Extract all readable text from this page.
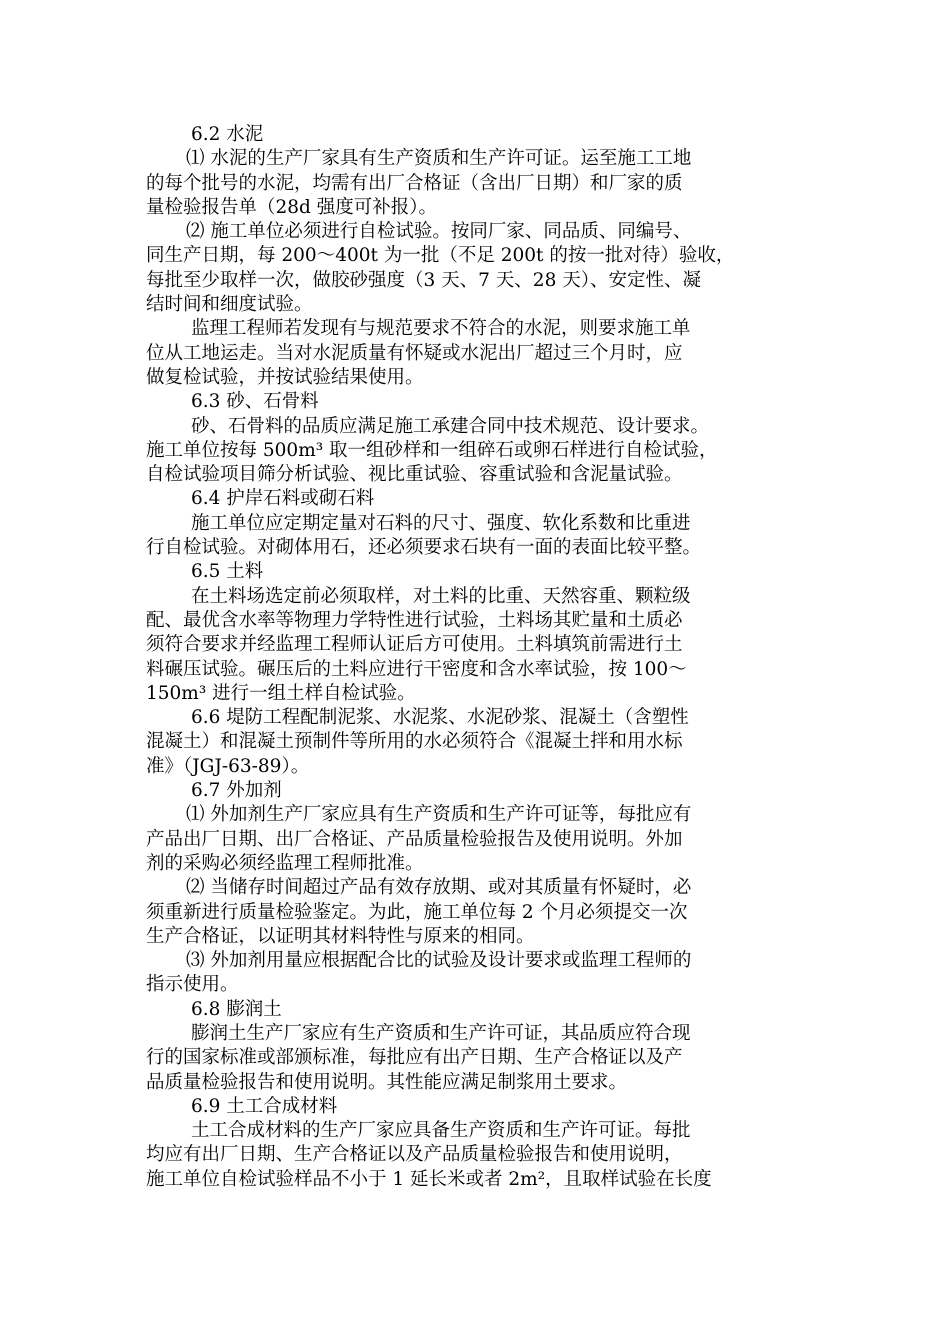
6.2 水泥
⑴ 水泥的生产厂家具有生产资质和生产许可证。运至施工工地
的每个批号的水泥，均需有出厂合格证（含出厂日期）和厂家的质
量检验报告单（28d 强度可补报）。
⑵ 施工单位必须进行自检试验。按同厂家、同品质、同编号、
同生产日期，每 200～400t 为一批（不足 200t 的按一批对待）验收，
每批至少取样一次，做胶砂强度（3 天、7 天、28 天）、安定性、凝
结时间和细度试验。
监理工程师若发现有与规范要求不符合的水泥，则要求施工单
位从工地运走。当对水泥质量有怀疑或水泥出厂超过三个月时，应
做复检试验，并按试验结果使用。
6.3 砂、石骨料
砂、石骨料的品质应满足施工承建合同中技术规范、设计要求。
施工单位按每 500m³ 取一组砂样和一组碎石或卵石样进行自检试验，
自检试验项目筛分析试验、视比重试验、容重试验和含泥量试验。
6.4 护岸石料或砌石料
施工单位应定期定量对石料的尺寸、强度、软化系数和比重进
行自检试验。对砌体用石，还必须要求石块有一面的表面比较平整。
6.5 土料
在土料场选定前必须取样，对土料的比重、天然容重、颗粒级
配、最优含水率等物理力学特性进行试验，土料场其贮量和土质必
须符合要求并经监理工程师认证后方可使用。土料填筑前需进行土
料碾压试验。碾压后的土料应进行干密度和含水率试验，按 100～
150m³ 进行一组土样自检试验。
6.6 堤防工程配制泥浆、水泥浆、水泥砂浆、混凝土（含塑性
混凝土）和混凝土预制件等所用的水必须符合《混凝土拌和用水标
准》（JGJ-63-89）。
6.7 外加剂
⑴ 外加剂生产厂家应具有生产资质和生产许可证等，每批应有
产品出厂日期、出厂合格证、产品质量检验报告及使用说明。外加
剂的采购必须经监理工程师批准。
⑵ 当储存时间超过产品有效存放期、或对其质量有怀疑时，必
须重新进行质量检验鉴定。为此，施工单位每 2 个月必须提交一次
生产合格证，以证明其材料特性与原来的相同。
⑶ 外加剂用量应根据配合比的试验及设计要求或监理工程师的
指示使用。
6.8 膨润土
膨润土生产厂家应有生产资质和生产许可证，其品质应符合现
行的国家标准或部颁标准，每批应有出产日期、生产合格证以及产
品质量检验报告和使用说明。其性能应满足制浆用土要求。
6.9 土工合成材料
土工合成材料的生产厂家应具备生产资质和生产许可证。每批
均应有出厂日期、生产合格证以及产品质量检验报告和使用说明，
施工单位自检试验样品不小于 1 延长米或者 2m²，且取样试验在长度
